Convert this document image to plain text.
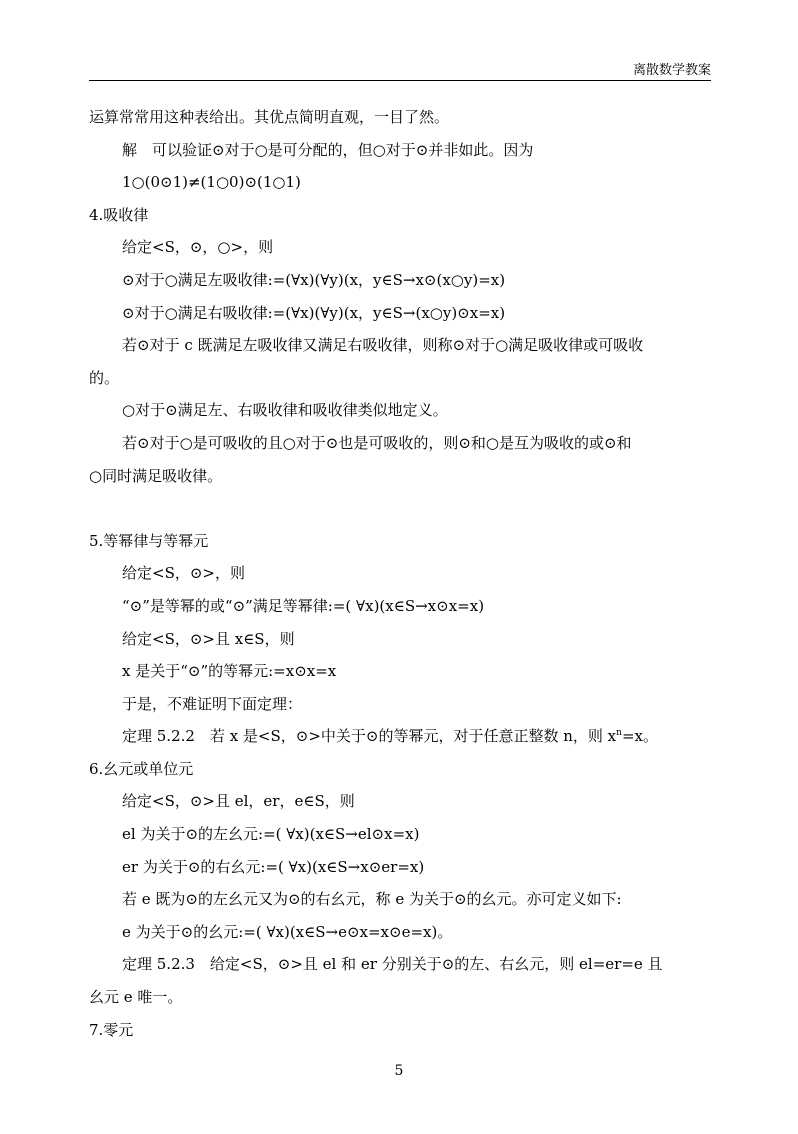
离散数学教案

运算常常用这种表给出。其优点简明直观，一目了然。

解　可以验证⊙对于○是可分配的，但○对于⊙并非如此。因为

1○(0⊙1)≠(1○0)⊙(1○1)

4.吸收律

给定<S，⊙，○>，则

⊙对于○满足左吸收律:=(∀x)(∀y)(x，y∈S→x⊙(x○y)=x)

⊙对于○满足右吸收律:=(∀x)(∀y)(x，y∈S→(x○y)⊙x=x)

若⊙对于 c 既满足左吸收律又满足右吸收律，则称⊙对于○满足吸收律或可吸收

的。

○对于⊙满足左、右吸收律和吸收律类似地定义。

若⊙对于○是可吸收的且○对于⊙也是可吸收的，则⊙和○是互为吸收的或⊙和

○同时满足吸收律。

5.等幂律与等幂元

给定<S，⊙>，则

“⊙”是等幂的或“⊙”满足等幂律:=( ∀x)(x∈S→x⊙x=x)

给定<S，⊙>且 x∈S，则

x 是关于“⊙”的等幂元:=x⊙x=x

于是，不难证明下面定理：

定理 5.2.2　若 x 是<S，⊙>中关于⊙的等幂元，对于任意正整数 n，则 $x^n=x$。

6.幺元或单位元

给定<S，⊙>且 el，er，e∈S，则

el 为关于⊙的左幺元:=( ∀x)(x∈S→el⊙x=x)

er 为关于⊙的右幺元:=( ∀x)(x∈S→x⊙er=x)

若 e 既为⊙的左幺元又为⊙的右幺元，称 e 为关于⊙的幺元。亦可定义如下:

e 为关于⊙的幺元:=( ∀x)(x∈S→e⊙x=x⊙e=x)。

定理 5.2.3　给定<S，⊙>且 el 和 er 分别关于⊙的左、右幺元，则 el=er=e 且

幺元 e 唯一。

7.零元

5
